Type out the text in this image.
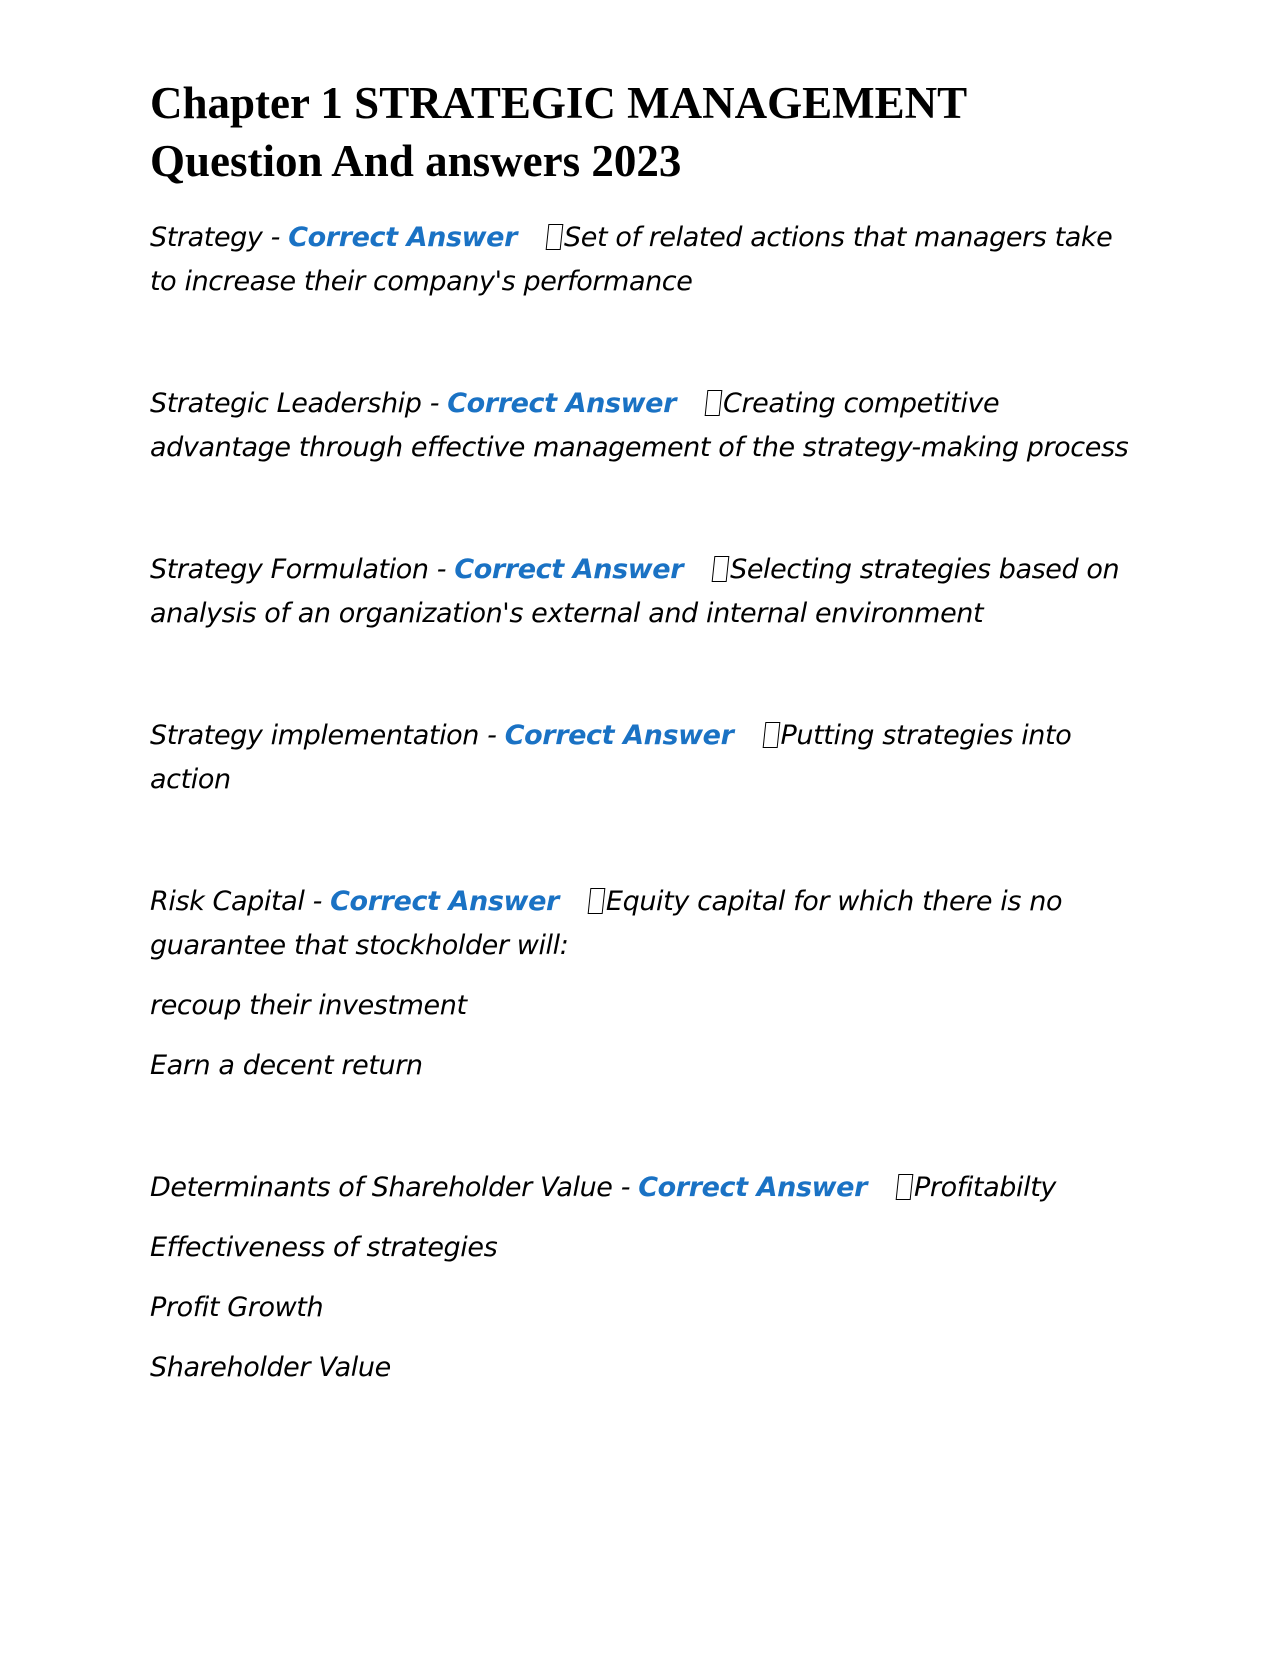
Chapter 1 STRATEGIC MANAGEMENT
Question And answers 2023

Strategy - Correct Answer Set of related actions that managers take to increase their company's performance

Strategic Leadership - Correct Answer Creating competitive advantage through effective management of the strategy-making process

Strategy Formulation - Correct Answer Selecting strategies based on analysis of an organization's external and internal environment

Strategy implementation - Correct Answer Putting strategies into action

Risk Capital - Correct Answer Equity capital for which there is no guarantee that stockholder will:

recoup their investment

Earn a decent return

Determinants of Shareholder Value - Correct Answer Profitabilty

Effectiveness of strategies

Profit Growth

Shareholder Value
